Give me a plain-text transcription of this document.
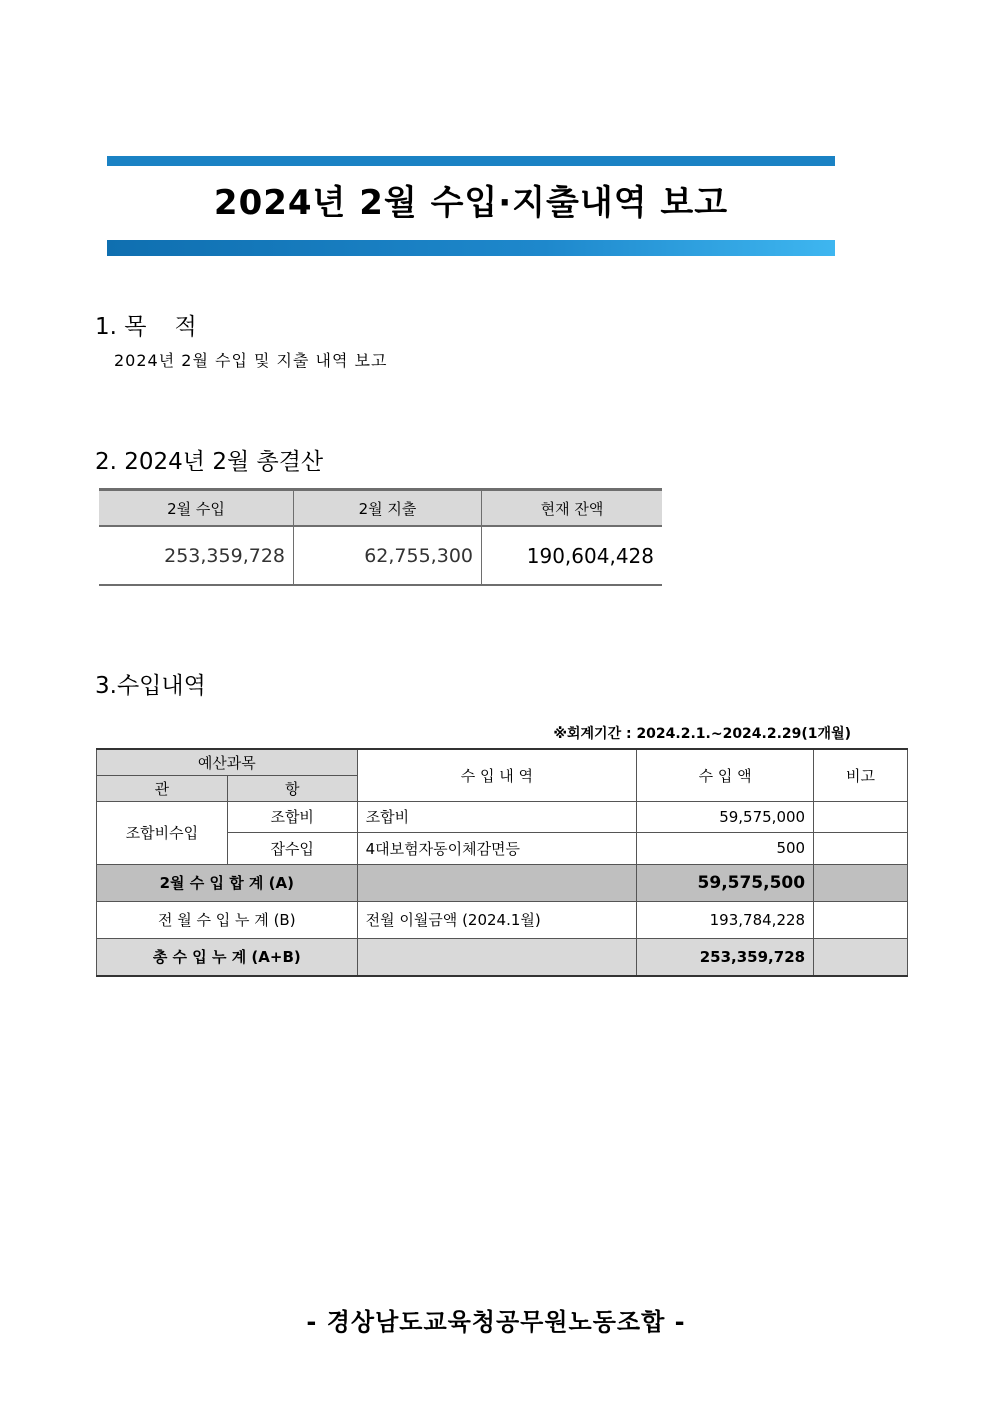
2024년 2월 수입·지출내역 보고
1. 목 적
2024년 2월 수입 및 지출 내역 보고
2. 2024년 2월 총결산
2월 수입	2월 지출	현재 잔액
253,359,728	62,755,300	190,604,428
3.수입내역
※회계기간 : 2024.2.1.~2024.2.29(1개월)
예산과목		수 입 내 역	수 입 액	비고
관	항			
조합비수입	조합비	조합비	59,575,000	
	잡수입	4대보험자동이체감면등	500	
2월 수 입 합 계 (A)			59,575,500	
전 월 수 입 누 계 (B)		전월 이월금액 (2024.1월)	193,784,228	
총 수 입 누 계 (A+B)			253,359,728	
- 경상남도교육청공무원노동조합 -
